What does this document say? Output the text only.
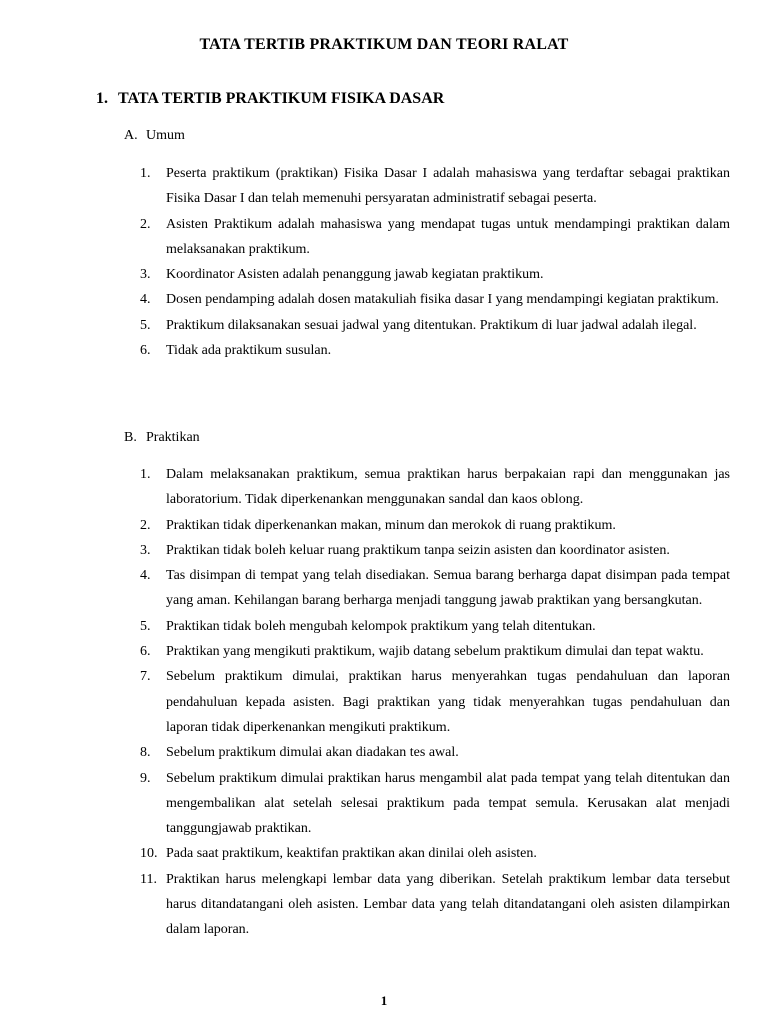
TATA TERTIB PRAKTIKUM DAN TEORI RALAT
1. TATA TERTIB PRAKTIKUM FISIKA DASAR
A. Umum
1.	Peserta praktikum (praktikan) Fisika Dasar I adalah mahasiswa yang terdaftar sebagai praktikan Fisika Dasar I dan telah memenuhi persyaratan administratif sebagai peserta.
2.	Asisten Praktikum adalah mahasiswa yang mendapat tugas untuk mendampingi praktikan dalam melaksanakan praktikum.
3.	Koordinator Asisten adalah penanggung jawab kegiatan praktikum.
4.	Dosen pendamping adalah dosen matakuliah fisika dasar I yang mendampingi kegiatan praktikum.
5.	Praktikum dilaksanakan sesuai jadwal yang ditentukan. Praktikum di luar jadwal adalah ilegal.
6.	Tidak ada praktikum susulan.
B. Praktikan
1.	Dalam melaksanakan praktikum, semua praktikan harus berpakaian rapi dan menggunakan jas laboratorium. Tidak diperkenankan menggunakan sandal dan kaos oblong.
2.	Praktikan tidak diperkenankan makan, minum dan merokok di ruang praktikum.
3.	Praktikan tidak boleh keluar ruang praktikum tanpa seizin asisten dan koordinator asisten.
4.	Tas disimpan di tempat yang telah disediakan. Semua barang berharga dapat disimpan pada tempat yang aman. Kehilangan barang berharga menjadi tanggung jawab praktikan yang bersangkutan.
5.	Praktikan tidak boleh mengubah kelompok praktikum yang telah ditentukan.
6.	Praktikan yang mengikuti praktikum, wajib datang sebelum praktikum dimulai dan tepat waktu.
7.	Sebelum praktikum dimulai, praktikan harus menyerahkan tugas pendahuluan dan laporan pendahuluan kepada asisten. Bagi praktikan yang tidak menyerahkan tugas pendahuluan dan laporan tidak diperkenankan mengikuti praktikum.
8.	Sebelum praktikum dimulai akan diadakan tes awal.
9.	Sebelum praktikum dimulai praktikan harus mengambil alat pada tempat yang telah ditentukan dan mengembalikan alat setelah selesai praktikum pada tempat semula. Kerusakan alat menjadi tanggungjawab praktikan.
10. Pada saat praktikum, keaktifan praktikan akan dinilai oleh asisten.
11. Praktikan harus melengkapi lembar data yang diberikan. Setelah praktikum lembar data tersebut harus ditandatangani oleh asisten. Lembar data yang telah ditandatangani oleh asisten dilampirkan dalam laporan.
1
